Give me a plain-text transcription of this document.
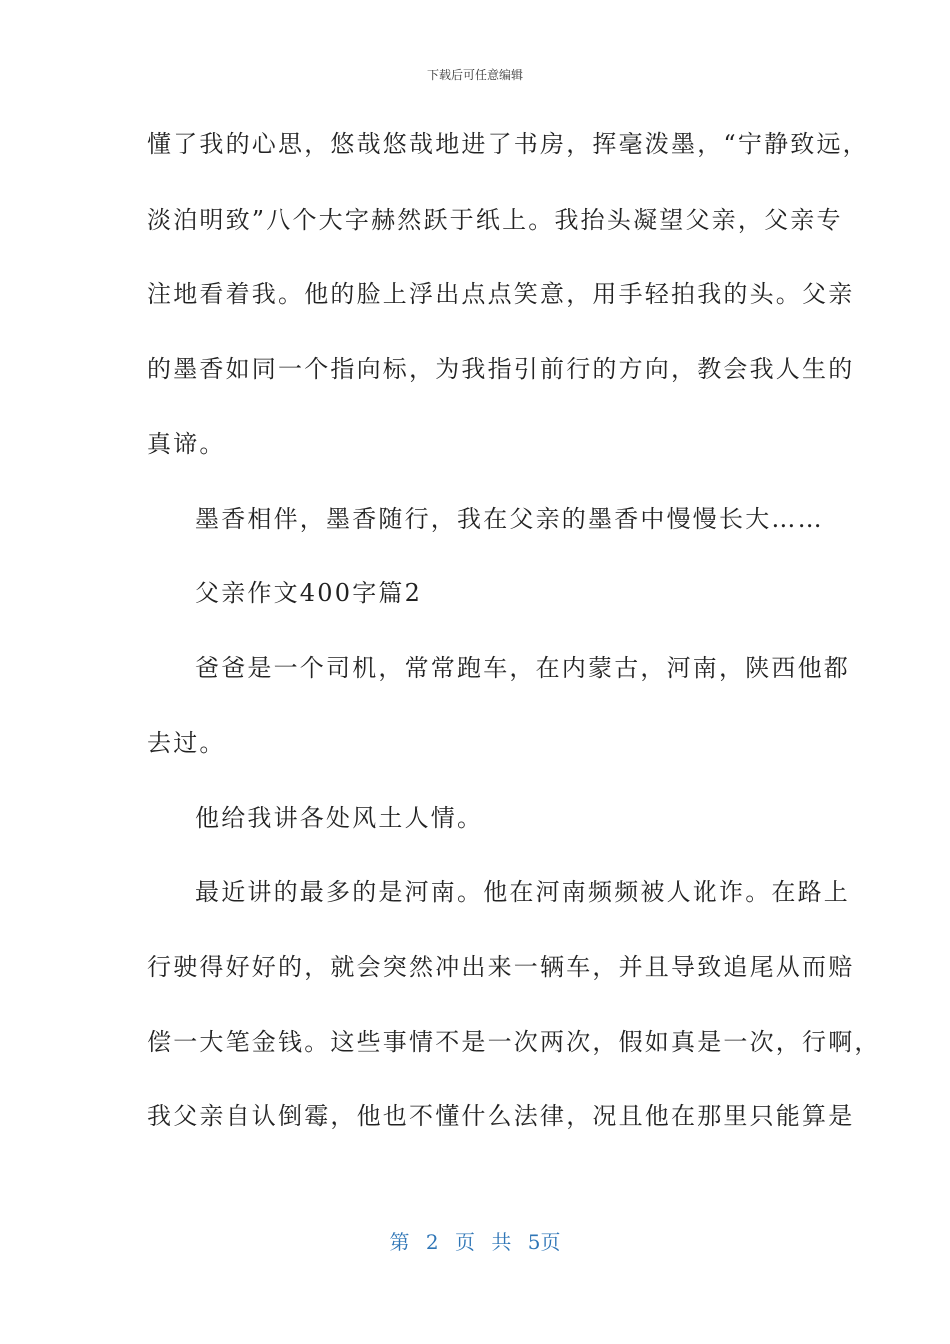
下载后可任意编辑
懂了我的心思，悠哉悠哉地进了书房，挥毫泼墨，“宁静致远，
淡泊明致”八个大字赫然跃于纸上。我抬头凝望父亲，父亲专
注地看着我。他的脸上浮出点点笑意，用手轻拍我的头。父亲
的墨香如同一个指向标，为我指引前行的方向，教会我人生的
真谛。
墨香相伴，墨香随行，我在父亲的墨香中慢慢长大……
父亲作文400字篇2
爸爸是一个司机，常常跑车，在内蒙古，河南，陕西他都
去过。
他给我讲各处风土人情。
最近讲的最多的是河南。他在河南频频被人讹诈。在路上
行驶得好好的，就会突然冲出来一辆车，并且导致追尾从而赔
偿一大笔金钱。这些事情不是一次两次，假如真是一次，行啊，
我父亲自认倒霉，他也不懂什么法律，况且他在那里只能算是
第 2 页 共 5页
